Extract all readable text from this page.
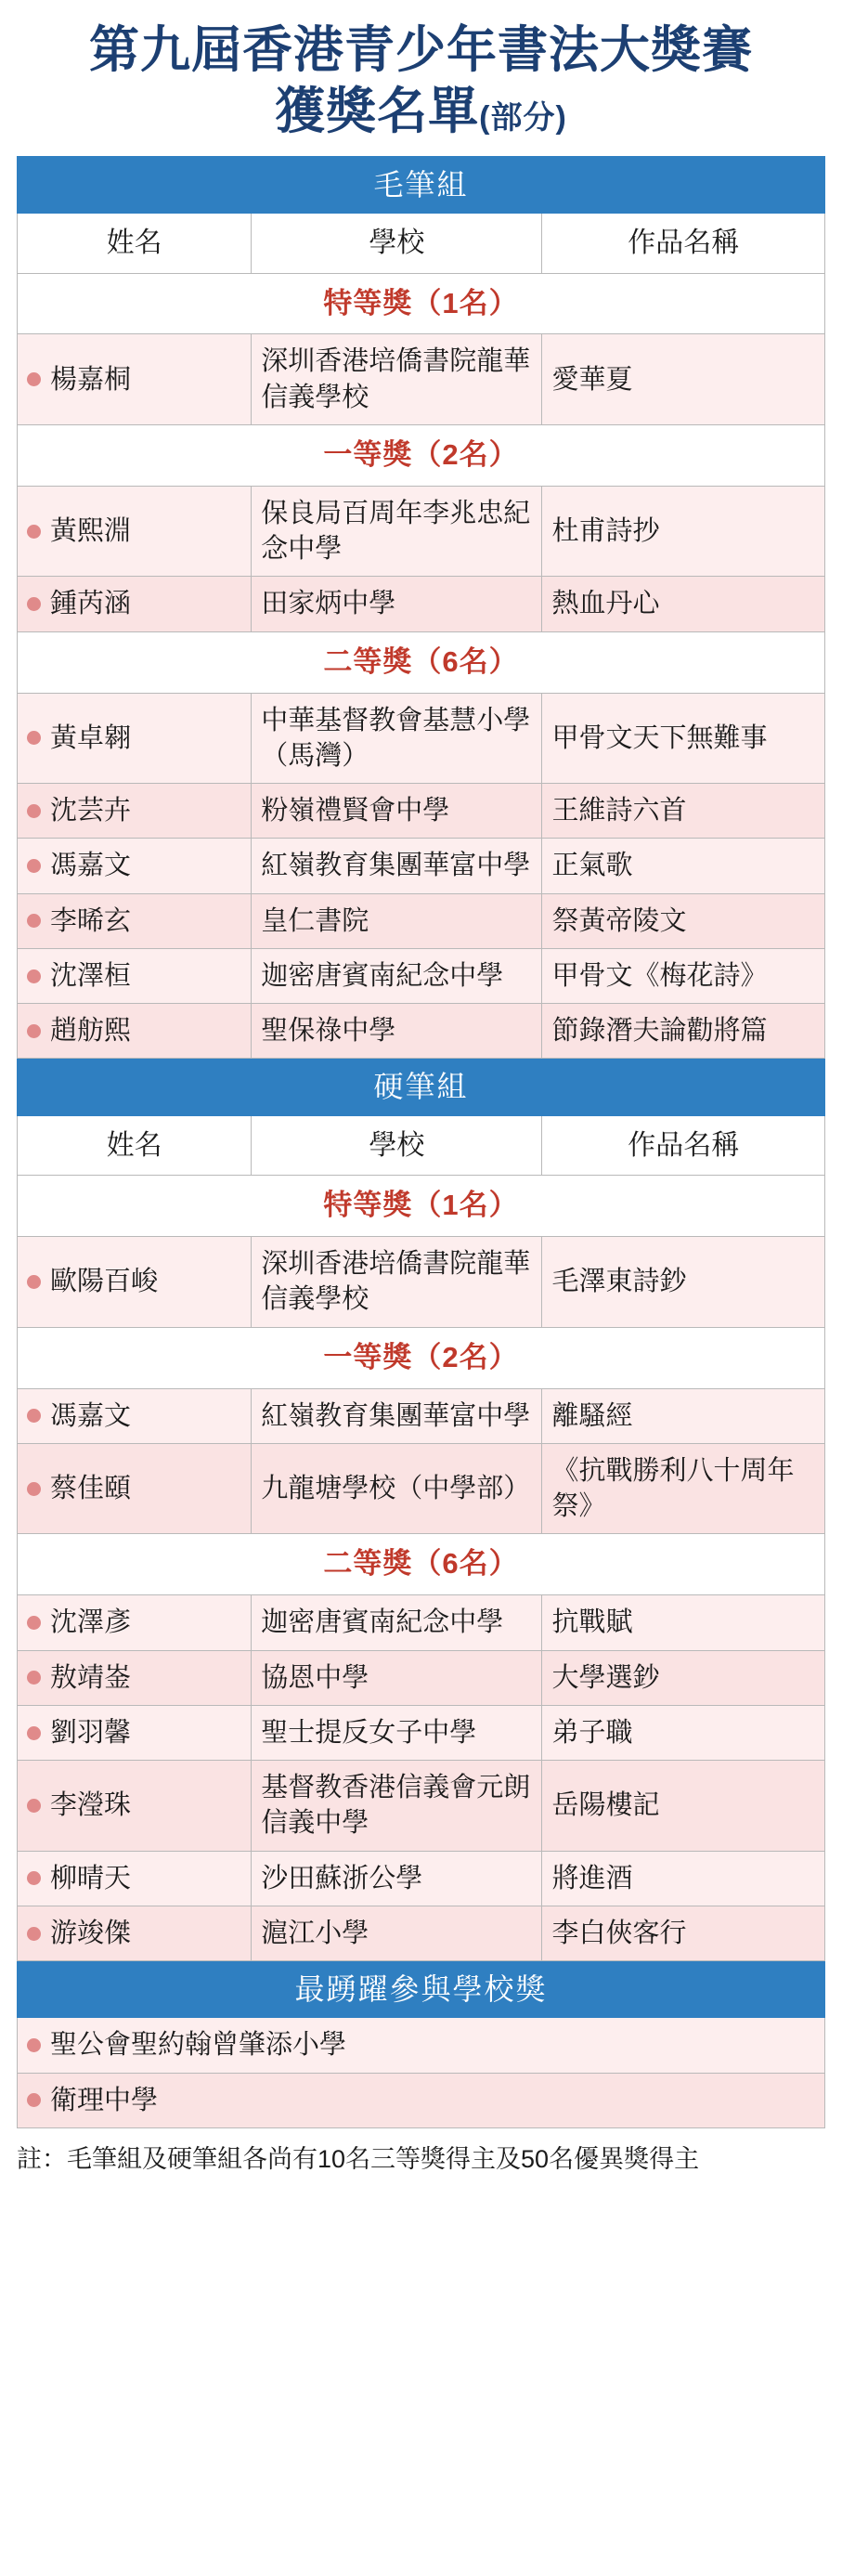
第九屆香港青少年書法大獎賽
獲獎名單(部分)
毛筆組		
姓名	學校	作品名稱
特等獎（1名）		

楊嘉桐	深圳香港培僑書院龍華信義學校	愛華夏
一等獎（2名）		

黃熙淵	保良局百周年李兆忠紀念中學	杜甫詩抄

鍾芮涵	田家炳中學	熱血丹心
二等獎（6名）		

黃卓翱	中華基督教會基慧小學（馬灣）	甲骨文天下無難事

沈芸卉	粉嶺禮賢會中學	王維詩六首

馮嘉文	紅嶺教育集團華富中學	正氣歌

李晞玄	皇仁書院	祭黃帝陵文

沈澤桓	迦密唐賓南紀念中學	甲骨文《梅花詩》

趙舫熙	聖保祿中學	節錄潛夫論勸將篇
硬筆組		
姓名	學校	作品名稱
特等獎（1名）		

歐陽百峻	深圳香港培僑書院龍華信義學校	毛澤東詩鈔
一等獎（2名）		

馮嘉文	紅嶺教育集團華富中學	離騷經

蔡佳頤	九龍塘學校（中學部）	《抗戰勝利八十周年祭》
二等獎（6名）		

沈澤彥	迦密唐賓南紀念中學	抗戰賦

敖靖崟	協恩中學	大學選鈔

劉羽馨	聖士提反女子中學	弟子職

李瀅珠	基督教香港信義會元朗信義中學	岳陽樓記

柳晴天	沙田蘇浙公學	將進酒

游竣傑	滬江小學	李白俠客行
最踴躍參與學校獎		

聖公會聖約翰曾肇添小學		

衛理中學		
註：毛筆組及硬筆組各尚有10名三等獎得主及50名優異獎得主
